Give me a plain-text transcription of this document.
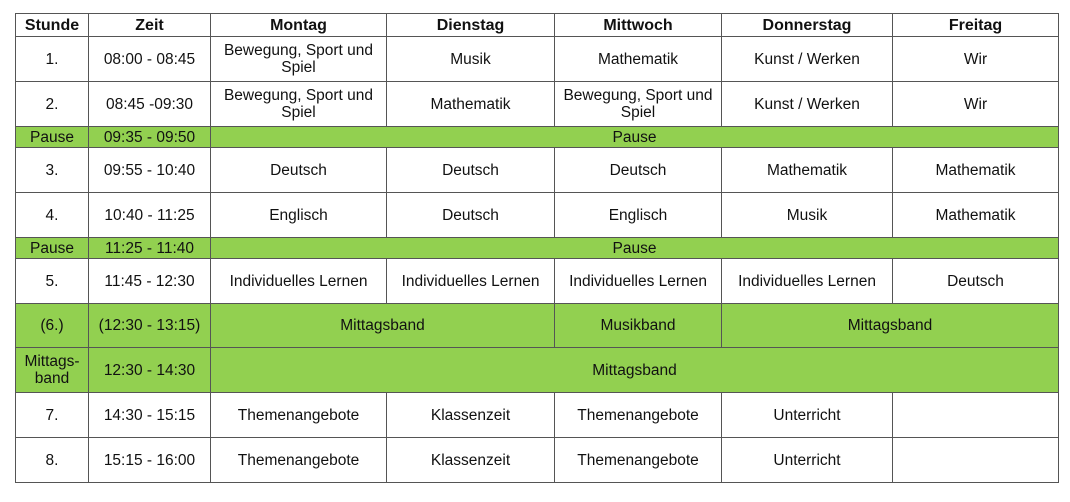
Stunde	Zeit	Montag	Dienstag	Mittwoch	Donnerstag	Freitag
1.	08:00 - 08:45	Bewegung, Sport und Spiel	Musik	Mathematik	Kunst / Werken	Wir
2.	08:45 -09:30	Bewegung, Sport und Spiel	Mathematik	Bewegung, Sport und Spiel	Kunst / Werken	Wir
Pause	09:35 - 09:50	Pause				
3.	09:55 - 10:40	Deutsch	Deutsch	Deutsch	Mathematik	Mathematik
4.	10:40 - 11:25	Englisch	Deutsch	Englisch	Musik	Mathematik
Pause	11:25 - 11:40	Pause				
5.	11:45 - 12:30	Individuelles Lernen	Individuelles Lernen	Individuelles Lernen	Individuelles Lernen	Deutsch
(6.)	(12:30 - 13:15)	Mittagsband		Musikband	Mittagsband	
Mittags-band	12:30 - 14:30	Mittagsband				
7.	14:30 - 15:15	Themenangebote	Klassenzeit	Themenangebote	Unterricht	
8.	15:15 - 16:00	Themenangebote	Klassenzeit	Themenangebote	Unterricht	
